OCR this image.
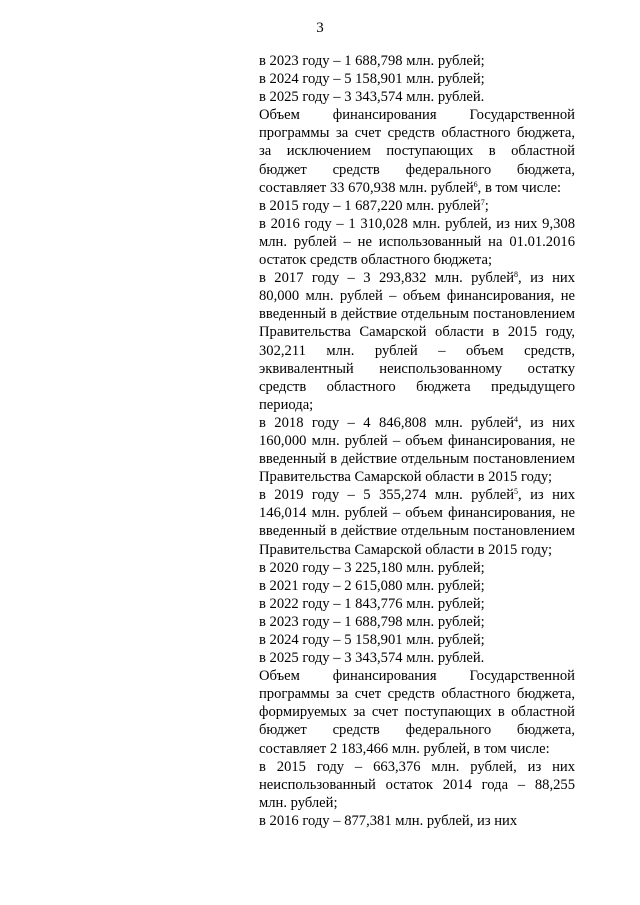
3

в 2023 году – 1 688,798 млн. рублей;

в 2024 году – 5 158,901 млн. рублей;

в 2025 году – 3 343,574 млн. рублей.

Объем финансирования Государственной программы за счет средств областного бюджета, за исключением поступающих в областной бюджет средств федерального бюджета, составляет 33 670,938 млн. рублей$^6$, в том числе:

в 2015 году – 1 687,220 млн. рублей$^7$;

в 2016 году – 1 310,028 млн. рублей, из них 9,308 млн. рублей – не использованный на 01.01.2016 остаток средств областного бюджета;

в 2017 году – 3 293,832 млн. рублей$^8$, из них 80,000 млн. рублей – объем финансирования, не введенный в действие отдельным постановлением Правительства Самарской области в 2015 году, 302,211 млн. рублей – объем средств, эквивалентный неиспользованному остатку средств областного бюджета предыдущего периода;

в 2018 году – 4 846,808 млн. рублей$^4$, из них 160,000 млн. рублей – объем финансирования, не введенный в действие отдельным постановлением Правительства Самарской области в 2015 году;

в 2019 году – 5 355,274 млн. рублей$^5$, из них 146,014 млн. рублей – объем финансирования, не введенный в действие отдельным постановлением Правительства Самарской области в 2015 году;

в 2020 году – 3 225,180 млн. рублей;

в 2021 году – 2 615,080 млн. рублей;

в 2022 году – 1 843,776 млн. рублей;

в 2023 году – 1 688,798 млн. рублей;

в 2024 году – 5 158,901 млн. рублей;

в 2025 году – 3 343,574 млн. рублей.

Объем финансирования Государственной программы за счет средств областного бюджета, формируемых за счет поступающих в областной бюджет средств федерального бюджета, составляет 2 183,466 млн. рублей, в том числе:

в 2015 году – 663,376 млн. рублей, из них неиспользованный остаток 2014 года – 88,255 млн. рублей;

в 2016 году – 877,381 млн. рублей, из них
